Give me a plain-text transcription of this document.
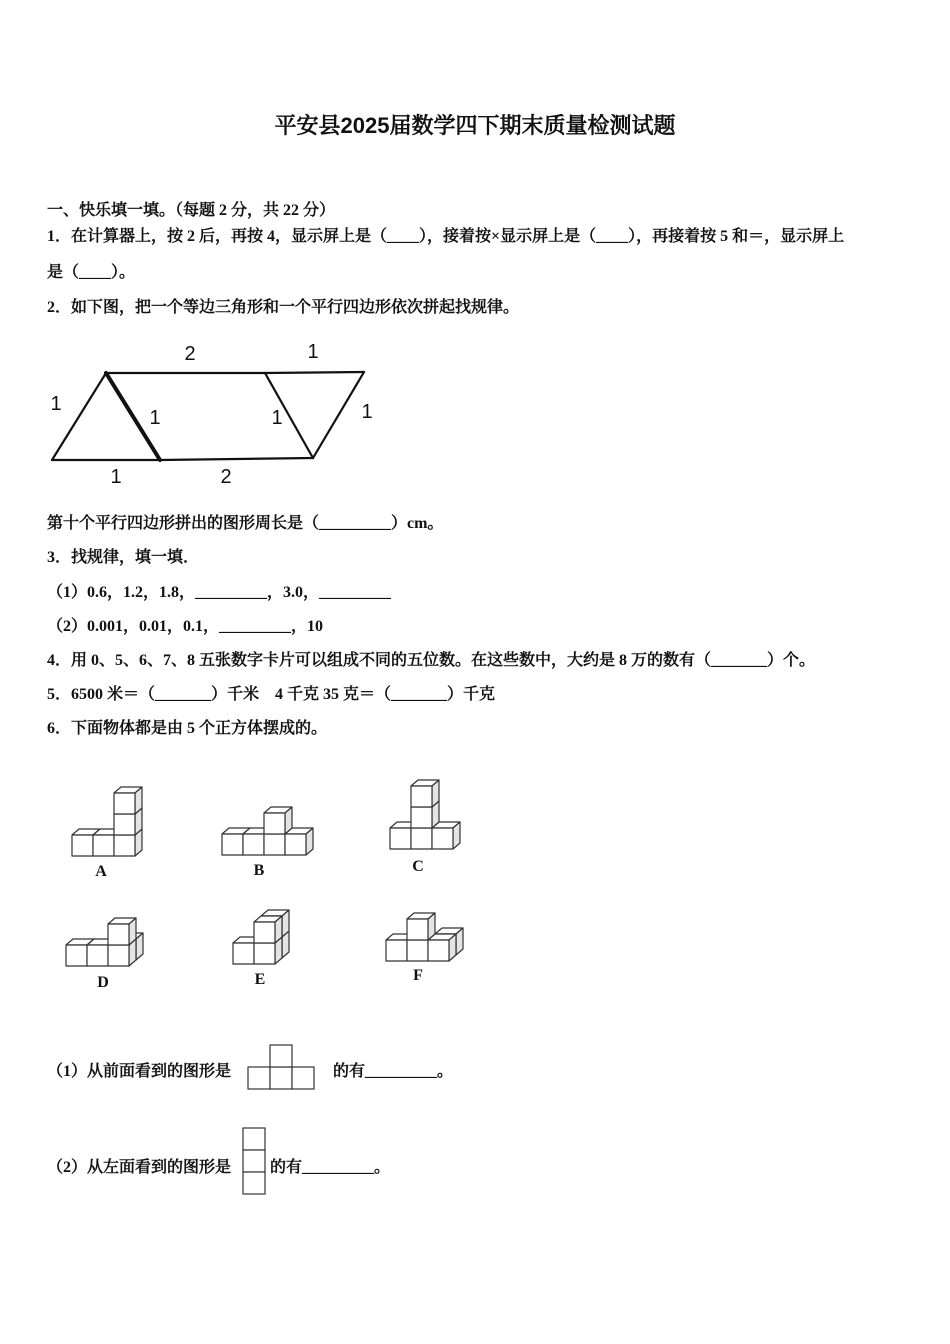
平安县2025届数学四下期末质量检测试题
一、快乐填一填。（每题 2 分，共 22 分）
1．在计算器上，按 2 后，再按 4，显示屏上是（____），接着按×显示屏上是（____），再接着按 5 和＝，显示屏上
是（____）。
2．如下图，把一个等边三角形和一个平行四边形依次拼起找规律。
2	1
1
1	1	1
1	2
第十个平行四边形拼出的图形周长是（_________）cm。
3．找规律，填一填．
（1）0.6，1.2，1.8，_________，3.0，_________
（2）0.001，0.01，0.1，_________，10
4．用 0、5、6、7、8 五张数字卡片可以组成不同的五位数。在这些数中，大约是 8 万的数有（_______）个。
5．6500 米＝（_______）千米　4 千克 35 克＝（_______）千克
6．下面物体都是由 5 个正方体摆成的。
A	B	C
D	E	F
（1）从前面看到的图形是	的有_________。
（2）从左面看到的图形是 的有_________。
